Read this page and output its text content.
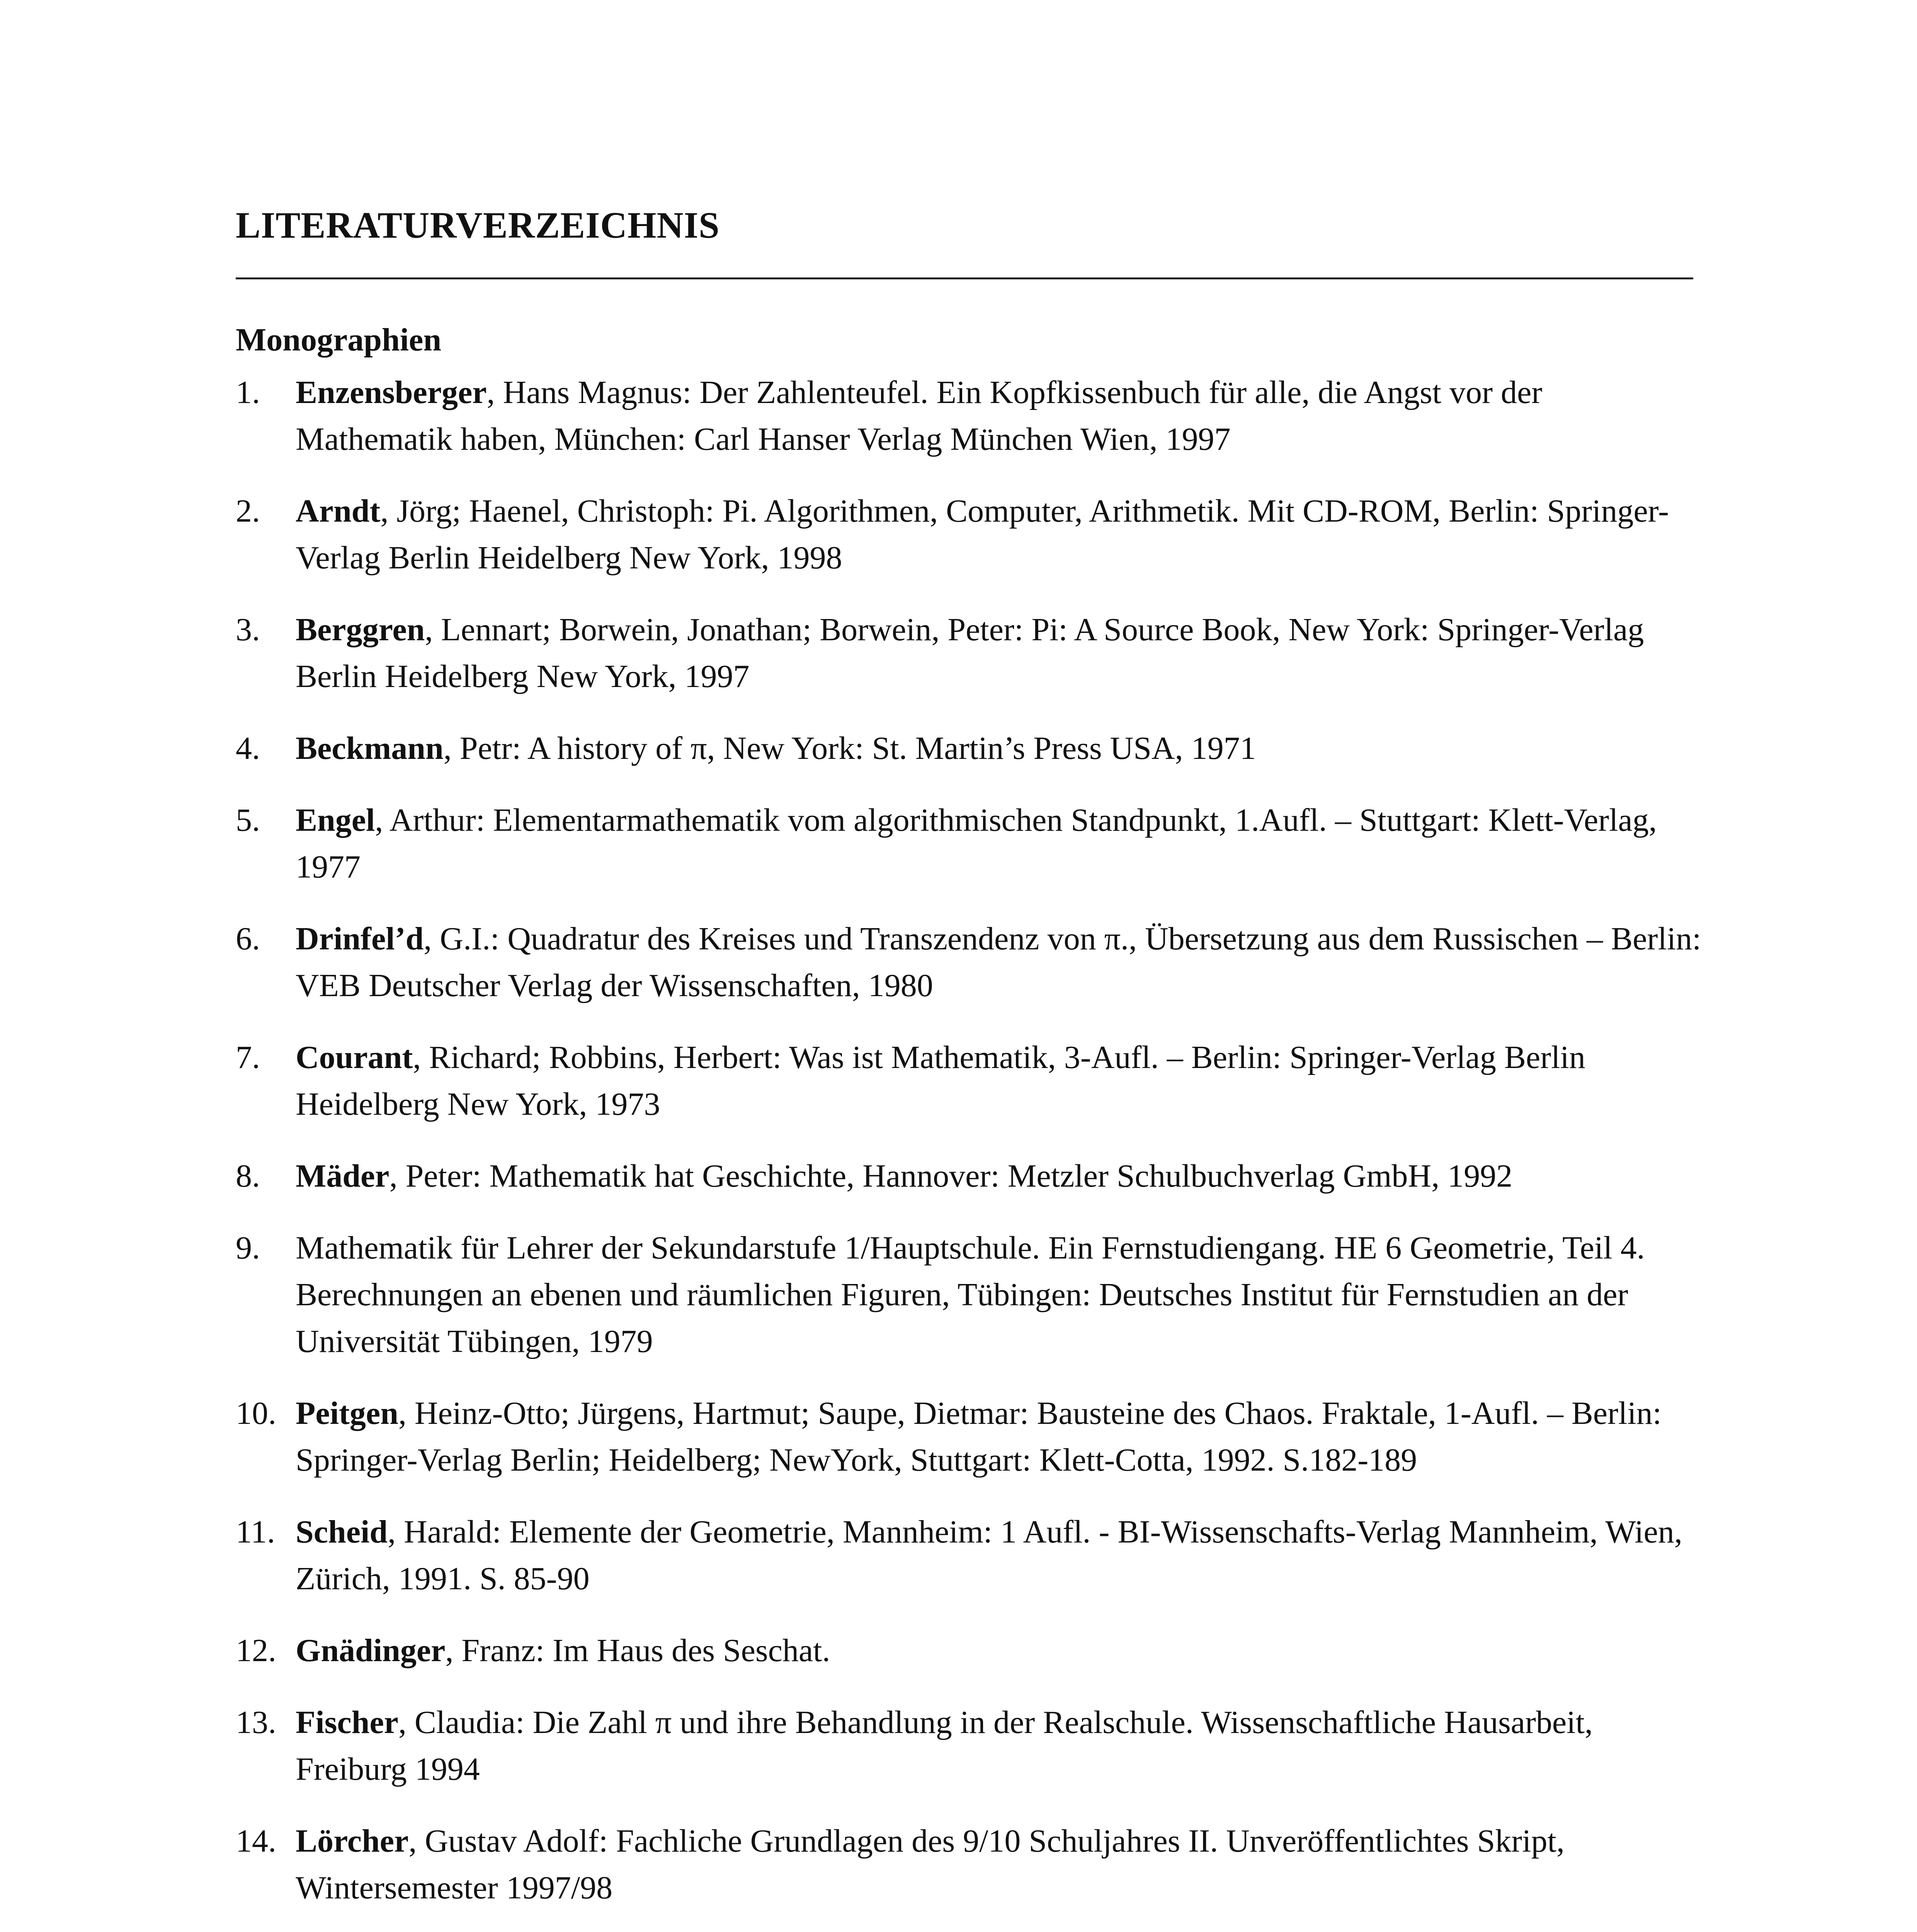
LITERATURVERZEICHNIS
Monographien
1. Enzensberger, Hans Magnus: Der Zahlenteufel. Ein Kopfkissenbuch für alle, die Angst vor der Mathematik haben, München: Carl Hanser Verlag München Wien, 1997
2. Arndt, Jörg; Haenel, Christoph: Pi. Algorithmen, Computer, Arithmetik. Mit CD-ROM, Berlin: Springer-Verlag Berlin Heidelberg New York, 1998
3. Berggren, Lennart; Borwein, Jonathan; Borwein, Peter: Pi: A Source Book, New York: Springer-Verlag Berlin Heidelberg New York, 1997
4. Beckmann, Petr: A history of π, New York: St. Martin’s Press USA, 1971
5. Engel, Arthur: Elementarmathematik vom algorithmischen Standpunkt, 1.Aufl. – Stuttgart: Klett-Verlag, 1977
6. Drinfel’d, G.I.: Quadratur des Kreises und Transzendenz von π., Übersetzung aus dem Russischen – Berlin: VEB Deutscher Verlag der Wissenschaften, 1980
7. Courant, Richard; Robbins, Herbert: Was ist Mathematik, 3-Aufl. – Berlin: Springer-Verlag Berlin Heidelberg New York, 1973
8. Mäder, Peter: Mathematik hat Geschichte, Hannover: Metzler Schulbuchverlag GmbH, 1992
9. Mathematik für Lehrer der Sekundarstufe 1/Hauptschule. Ein Fernstudiengang. HE 6 Geometrie, Teil 4. Berechnungen an ebenen und räumlichen Figuren, Tübingen: Deutsches Institut für Fernstudien an der Universität Tübingen, 1979
10. Peitgen, Heinz-Otto; Jürgens, Hartmut; Saupe, Dietmar: Bausteine des Chaos. Fraktale, 1-Aufl. – Berlin: Springer-Verlag Berlin; Heidelberg; NewYork, Stuttgart: Klett-Cotta, 1992. S.182-189
11. Scheid, Harald: Elemente der Geometrie, Mannheim: 1 Aufl. - BI-Wissenschafts-Verlag Mannheim, Wien, Zürich, 1991. S. 85-90
12. Gnädinger, Franz: Im Haus des Seschat.
13. Fischer, Claudia: Die Zahl π und ihre Behandlung in der Realschule. Wissenschaftliche Hausarbeit, Freiburg 1994
14. Lörcher, Gustav Adolf: Fachliche Grundlagen des 9/10 Schuljahres II. Unveröffentlichtes Skript, Wintersemester 1997/98
